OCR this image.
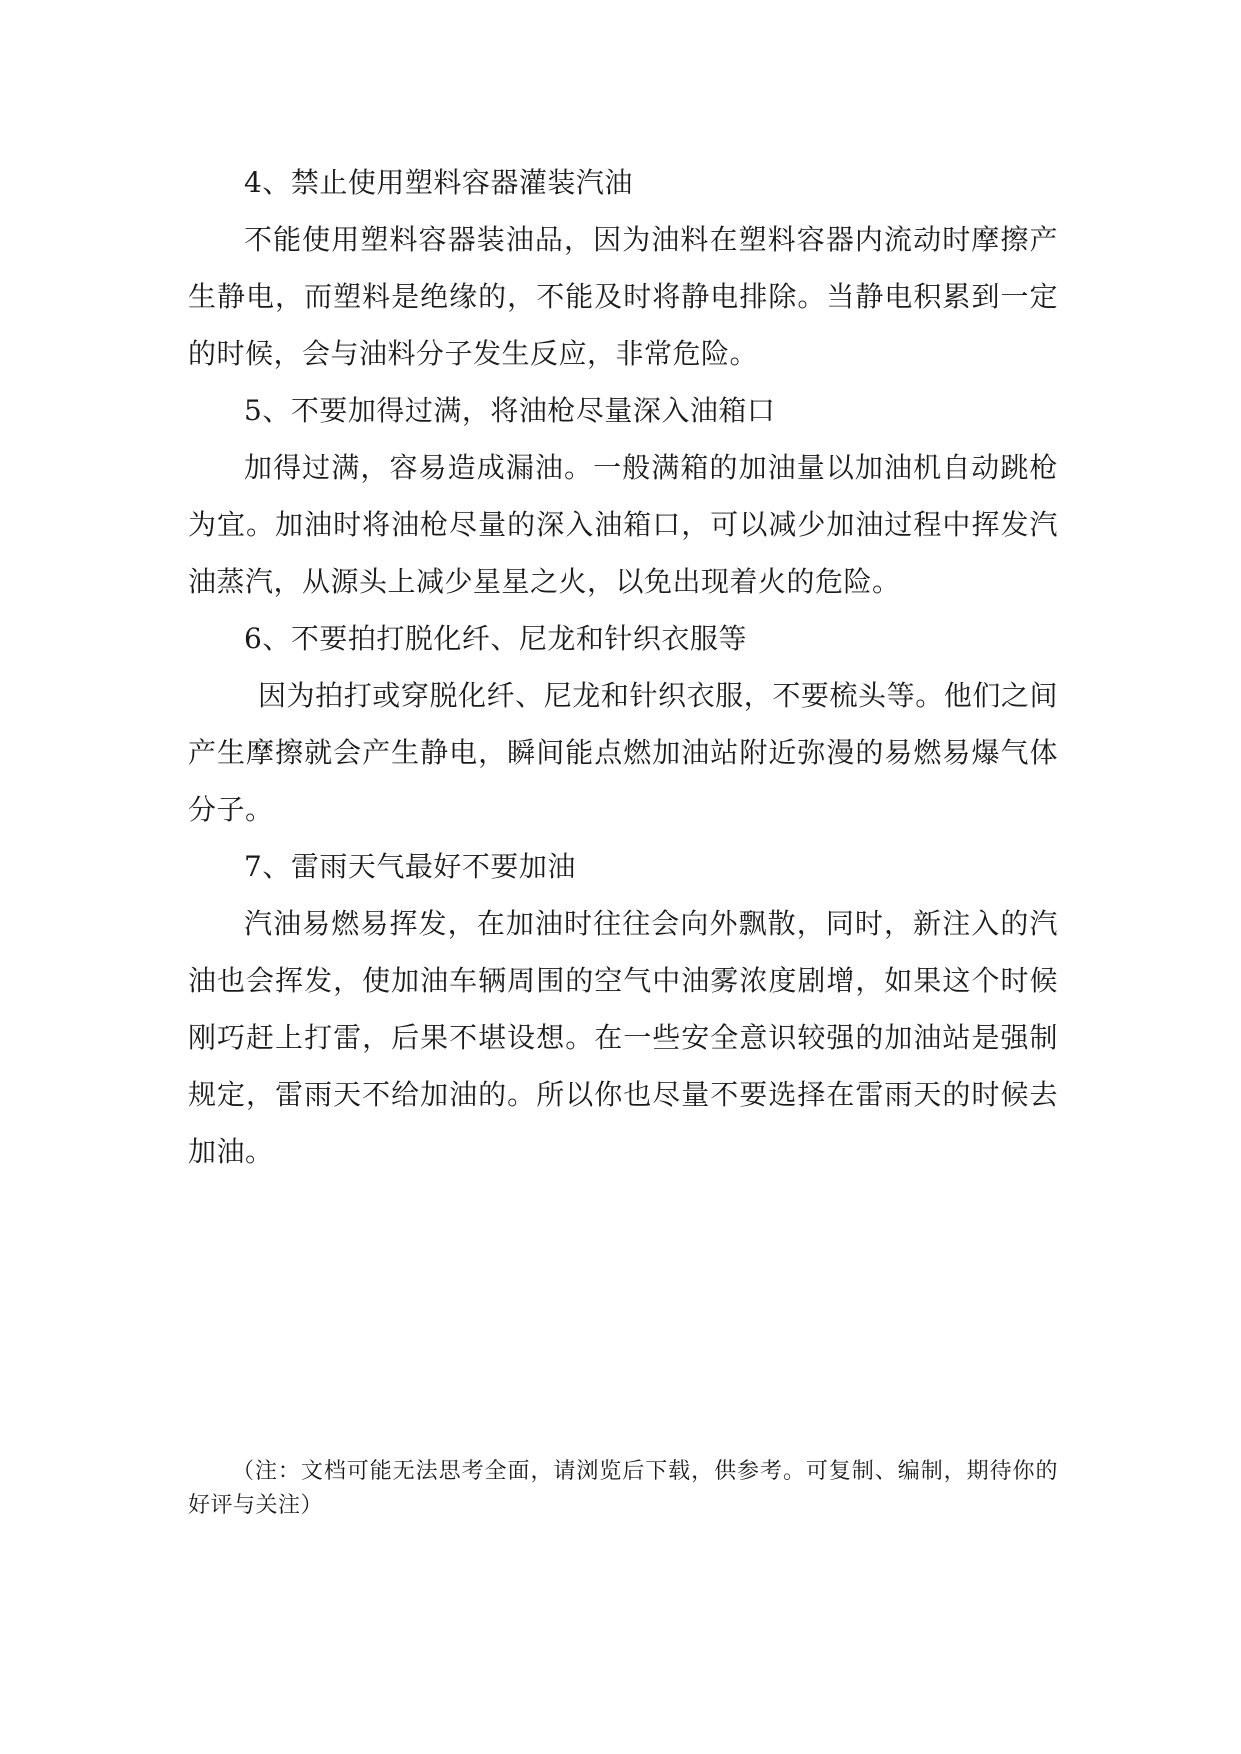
4、禁止使用塑料容器灌装汽油

不能使用塑料容器装油品，因为油料在塑料容器内流动时摩擦产生静电，而塑料是绝缘的，不能及时将静电排除。当静电积累到一定的时候，会与油料分子发生反应，非常危险。

5、不要加得过满，将油枪尽量深入油箱口

加得过满，容易造成漏油。一般满箱的加油量以加油机自动跳枪为宜。加油时将油枪尽量的深入油箱口，可以减少加油过程中挥发汽油蒸汽，从源头上减少星星之火，以免出现着火的危险。

6、不要拍打脱化纤、尼龙和针织衣服等

因为拍打或穿脱化纤、尼龙和针织衣服，不要梳头等。他们之间产生摩擦就会产生静电，瞬间能点燃加油站附近弥漫的易燃易爆气体分子。

7、雷雨天气最好不要加油

汽油易燃易挥发，在加油时往往会向外飘散，同时，新注入的汽油也会挥发，使加油车辆周围的空气中油雾浓度剧增，如果这个时候刚巧赶上打雷，后果不堪设想。在一些安全意识较强的加油站是强制规定，雷雨天不给加油的。所以你也尽量不要选择在雷雨天的时候去加油。

（注：文档可能无法思考全面，请浏览后下载，供参考。可复制、编制，期待你的好评与关注）
